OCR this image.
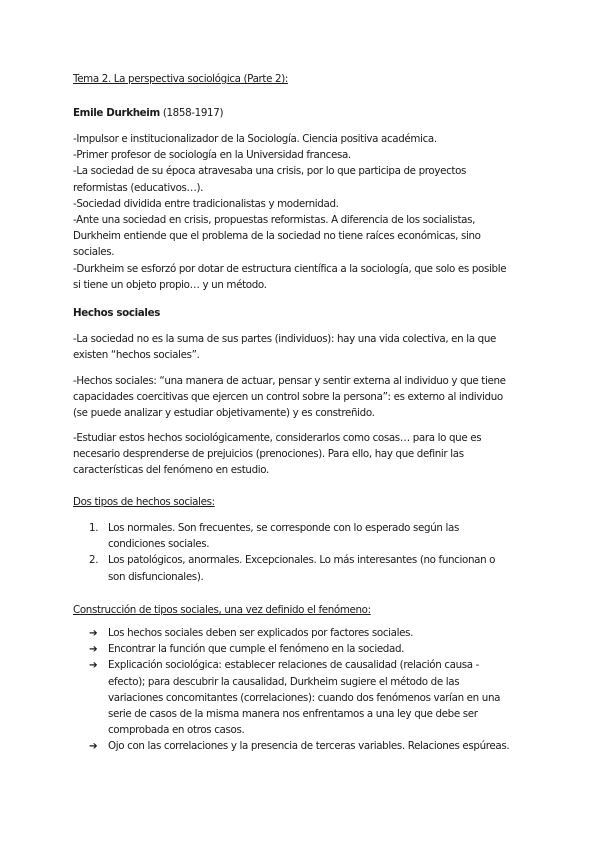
Tema 2. La perspectiva sociológica (Parte 2):
Emile Durkheim (1858-1917)

-Impulsor e institucionalizador de la Sociología. Ciencia positiva académica.

-Primer profesor de sociología en la Universidad francesa.

-La sociedad de su época atravesaba una crisis, por lo que participa de proyectos

reformistas (educativos…).

-Sociedad dividida entre tradicionalistas y modernidad.

-Ante una sociedad en crisis, propuestas reformistas. A diferencia de los socialistas,

Durkheim entiende que el problema de la sociedad no tiene raíces económicas, sino

sociales.

-Durkheim se esforzó por dotar de estructura científica a la sociología, que solo es posible

si tiene un objeto propio… y un método.

Hechos sociales

-La sociedad no es la suma de sus partes (individuos): hay una vida colectiva, en la que

existen “hechos sociales”.

-Hechos sociales: “una manera de actuar, pensar y sentir externa al individuo y que tiene

capacidades coercitivas que ejercen un control sobre la persona”: es externo al individuo

(se puede analizar y estudiar objetivamente) y es constreñido.

-Estudiar estos hechos sociológicamente, considerarlos como cosas… para lo que es

necesario desprenderse de prejuicios (prenociones). Para ello, hay que definir las

características del fenómeno en estudio.

Dos tipos de hechos sociales:
1. Los normales. Son frecuentes, se corresponde con lo esperado según las

condiciones sociales.

2. Los patológicos, anormales. Excepcionales. Lo más interesantes (no funcionan o

son disfuncionales).

Construcción de tipos sociales, una vez definido el fenómeno:
➔ Los hechos sociales deben ser explicados por factores sociales.

➔ Encontrar la función que cumple el fenómeno en la sociedad.

➔ Explicación sociológica: establecer relaciones de causalidad (relación causa -

efecto); para descubrir la causalidad, Durkheim sugiere el método de las

variaciones concomitantes (correlaciones): cuando dos fenómenos varían en una

serie de casos de la misma manera nos enfrentamos a una ley que debe ser

comprobada en otros casos.

➔ Ojo con las correlaciones y la presencia de terceras variables. Relaciones espúreas.
